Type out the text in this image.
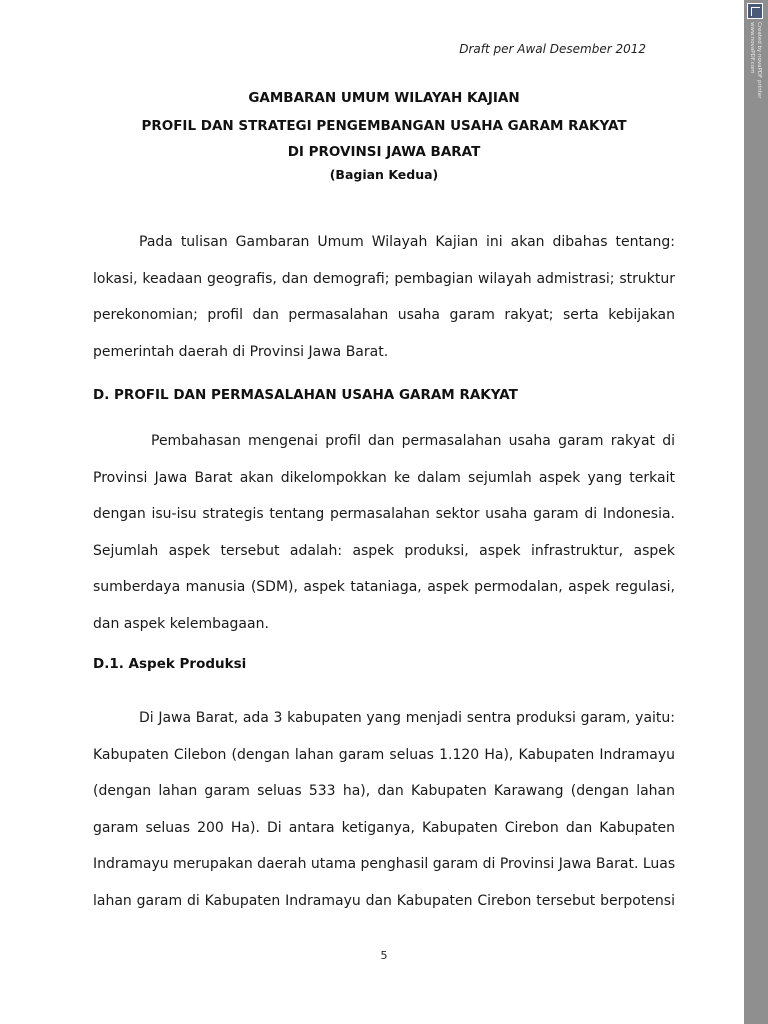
Draft per Awal Desember 2012
GAMBARAN UMUM WILAYAH KAJIAN
PROFIL DAN STRATEGI PENGEMBANGAN USAHA GARAM RAKYAT
DI PROVINSI JAWA BARAT
(Bagian Kedua)
Pada tulisan Gambaran Umum Wilayah Kajian ini akan dibahas tentang:
lokasi, keadaan geografis, dan demografi; pembagian wilayah admistrasi; struktur
perekonomian; profil dan permasalahan usaha garam rakyat; serta kebijakan
pemerintah daerah di Provinsi Jawa Barat.
D. PROFIL DAN PERMASALAHAN USAHA GARAM RAKYAT
Pembahasan mengenai profil dan permasalahan usaha garam rakyat di
Provinsi Jawa Barat akan dikelompokkan ke dalam sejumlah aspek yang terkait
dengan isu-isu strategis tentang permasalahan sektor usaha garam di Indonesia.
Sejumlah aspek tersebut adalah: aspek produksi, aspek infrastruktur, aspek
sumberdaya manusia (SDM), aspek tataniaga, aspek permodalan, aspek regulasi,
dan aspek kelembagaan.
D.1. Aspek Produksi
Di Jawa Barat, ada 3 kabupaten yang menjadi sentra produksi garam, yaitu:
Kabupaten Cilebon (dengan lahan garam seluas 1.120 Ha), Kabupaten Indramayu
(dengan lahan garam seluas 533 ha), dan Kabupaten Karawang (dengan lahan
garam seluas 200 Ha). Di antara ketiganya, Kabupaten Cirebon dan Kabupaten
Indramayu merupakan daerah utama penghasil garam di Provinsi Jawa Barat. Luas
lahan garam di Kabupaten Indramayu dan Kabupaten Cirebon tersebut berpotensi
5
Created by novaPDF printer
www.novaPDF.com
